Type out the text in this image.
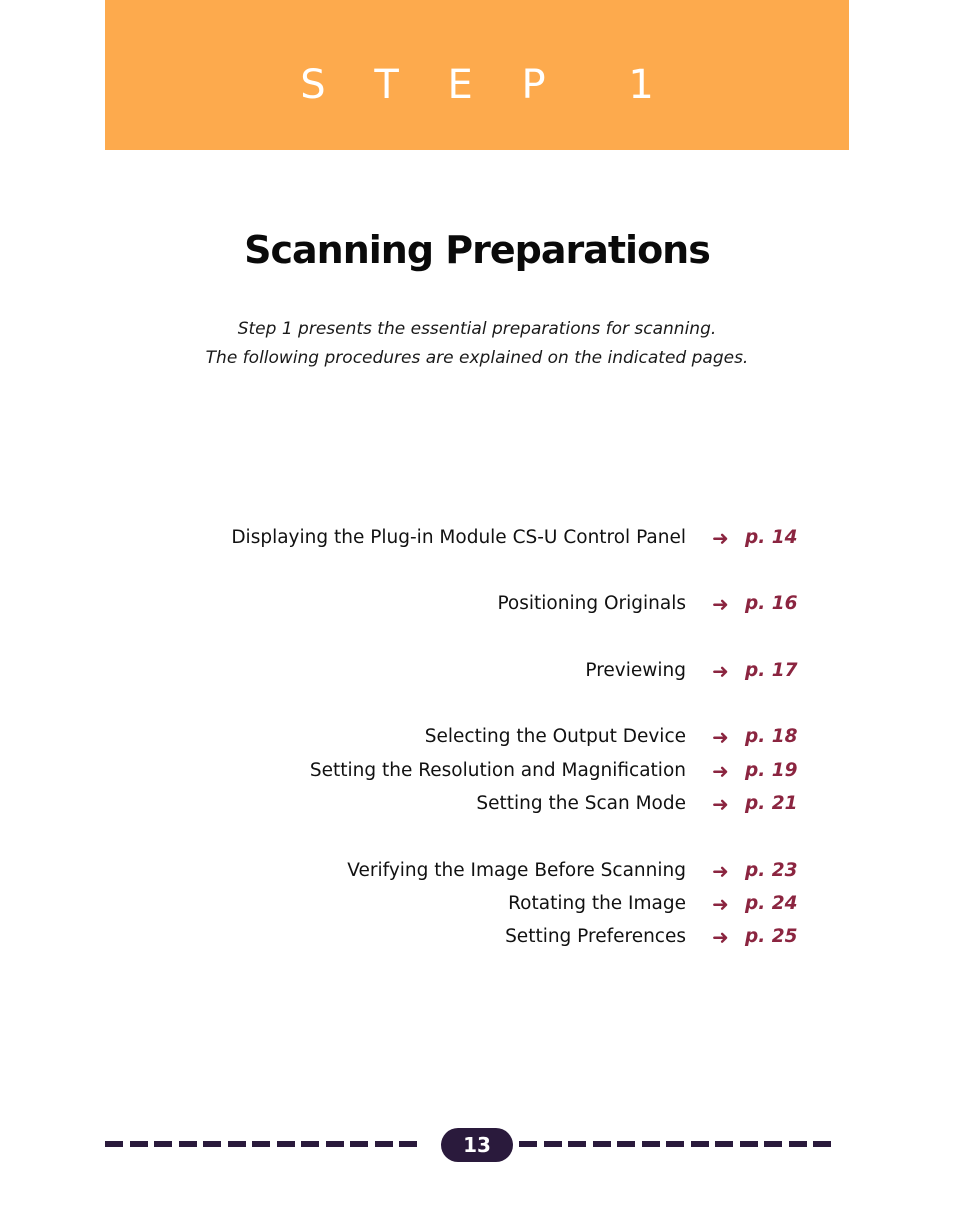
S T E P 1
Scanning Preparations
Step 1 presents the essential preparations for scanning.
The following procedures are explained on the indicated pages.
Displaying the Plug-in Module CS-U Control Panel ➜ p. 14
Positioning Originals ➜ p. 16
Previewing ➜ p. 17
Selecting the Output Device ➜ p. 18
Setting the Resolution and Magnification ➜ p. 19
Setting the Scan Mode ➜ p. 21
Verifying the Image Before Scanning ➜ p. 23
Rotating the Image ➜ p. 24
Setting Preferences ➜ p. 25
13
